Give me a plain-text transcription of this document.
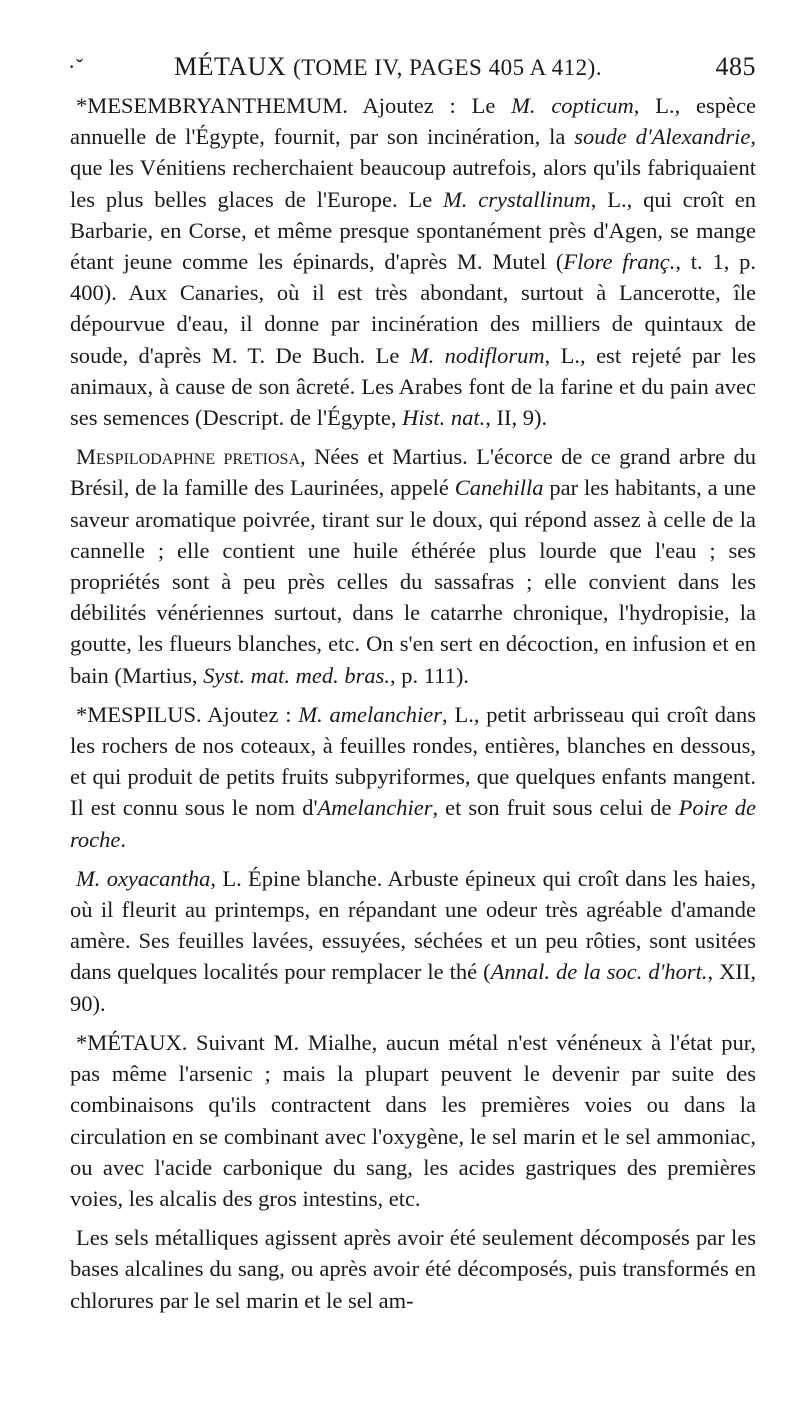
·ˇ	MÉTAUX (TOME IV, PAGES 405 A 412).	485

*MESEMBRYANTHEMUM. Ajoutez : Le M. copticum, L., espèce annuelle de l'Égypte, fournit, par son incinération, la soude d'Alexandrie, que les Vénitiens recherchaient beaucoup autrefois, alors qu'ils fabriquaient les plus belles glaces de l'Europe. Le M. crystallinum, L., qui croît en Barbarie, en Corse, et même presque spontanément près d'Agen, se mange étant jeune comme les épinards, d'après M. Mutel (Flore franç., t. 1, p. 400). Aux Canaries, où il est très abondant, surtout à Lancerotte, île dépourvue d'eau, il donne par incinération des milliers de quintaux de soude, d'après M. T. De Buch. Le M. nodiflorum, L., est rejeté par les animaux, à cause de son âcreté. Les Arabes font de la farine et du pain avec ses semences (Descript. de l'Égypte, Hist. nat., II, 9).

Mespilodaphne pretiosa, Nées et Martius. L'écorce de ce grand arbre du Brésil, de la famille des Laurinées, appelé Canehilla par les habitants, a une saveur aromatique poivrée, tirant sur le doux, qui répond assez à celle de la cannelle ; elle contient une huile éthérée plus lourde que l'eau ; ses propriétés sont à peu près celles du sassafras ; elle convient dans les débilités vénériennes surtout, dans le catarrhe chronique, l'hydropisie, la goutte, les flueurs blanches, etc. On s'en sert en décoction, en infusion et en bain (Martius, Syst. mat. med. bras., p. 111).

*MESPILUS. Ajoutez : M. amelanchier, L., petit arbrisseau qui croît dans les rochers de nos coteaux, à feuilles rondes, entières, blanches en dessous, et qui produit de petits fruits subpyriformes, que quelques enfants mangent. Il est connu sous le nom d'Amelanchier, et son fruit sous celui de Poire de roche.

M. oxyacantha, L. Épine blanche. Arbuste épineux qui croît dans les haies, où il fleurit au printemps, en répandant une odeur très agréable d'amande amère. Ses feuilles lavées, essuyées, séchées et un peu rôties, sont usitées dans quelques localités pour remplacer le thé (Annal. de la soc. d'hort., XII, 90).

*MÉTAUX. Suivant M. Mialhe, aucun métal n'est vénéneux à l'état pur, pas même l'arsenic ; mais la plupart peuvent le devenir par suite des combinaisons qu'ils contractent dans les premières voies ou dans la circulation en se combinant avec l'oxygène, le sel marin et le sel ammoniac, ou avec l'acide carbonique du sang, les acides gastriques des premières voies, les alcalis des gros intestins, etc.

Les sels métalliques agissent après avoir été seulement décomposés par les bases alcalines du sang, ou après avoir été décomposés, puis transformés en chlorures par le sel marin et le sel am-
